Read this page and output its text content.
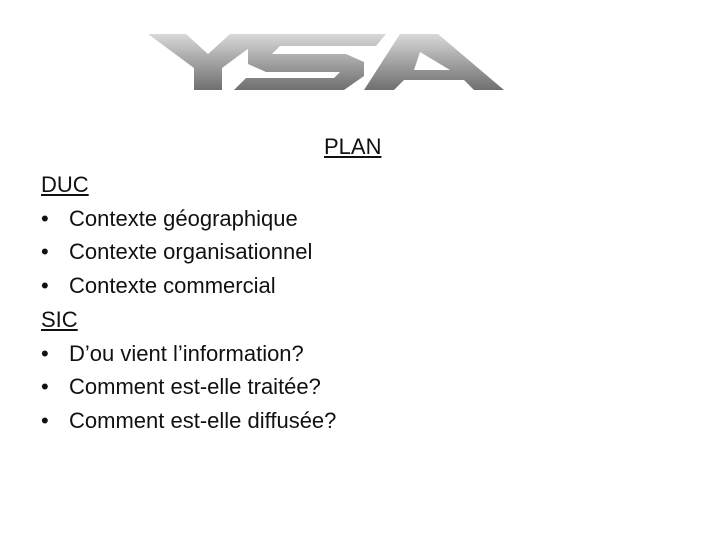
PLAN
DUC
• Contexte géographique
• Contexte organisationnel
• Contexte commercial
SIC
• D’ou vient l’information?
• Comment est-elle traitée?
• Comment est-elle diffusée?
